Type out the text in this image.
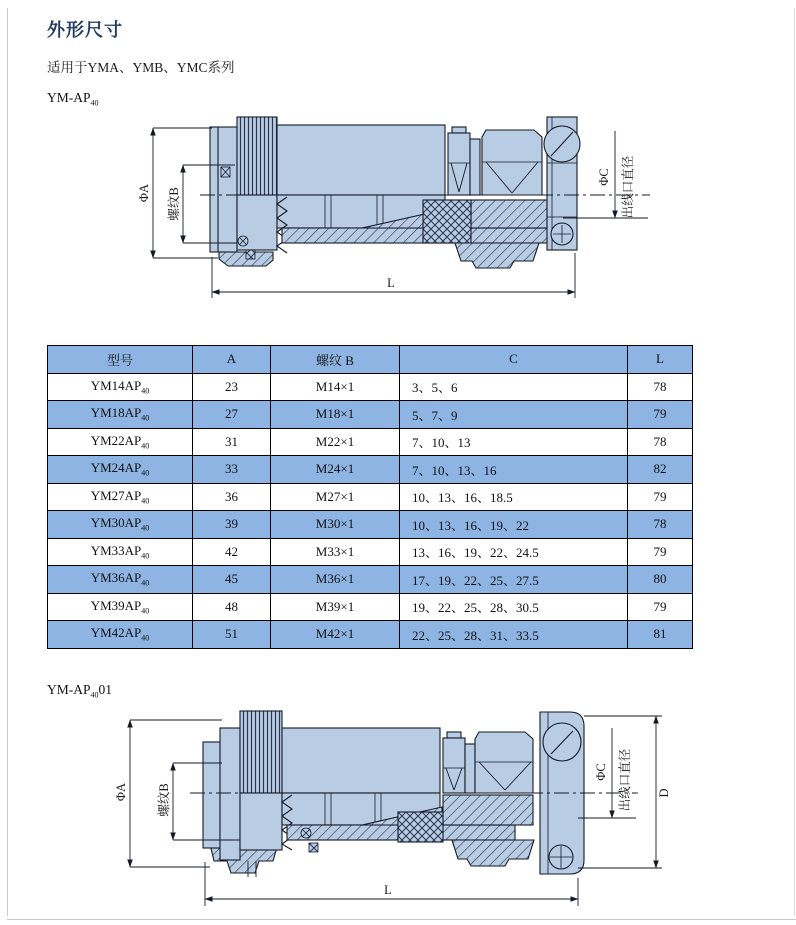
外形尺寸
适用于YMA、YMB、YMC系列
$YM-AP_{40}$
ΦA 螺纹B
ΦC 出线口直径
L
型号	A	螺纹 B	C	L
$YM14AP_{40}$	23	M14×1	3、5、6	78
$YM18AP_{40}$	27	M18×1	5、7、9	79
$YM22AP_{40}$	31	M22×1	7、10、13	78
$YM24AP_{40}$	33	M24×1	7、10、13、16	82
$YM27AP_{40}$	36	M27×1	10、13、16、18.5	79
$YM30AP_{40}$	39	M30×1	10、13、16、19、22	78
$YM33AP_{40}$	42	M33×1	13、16、19、22、24.5	79
$YM36AP_{40}$	45	M36×1	17、19、22、25、27.5	80
$YM39AP_{40}$	48	M39×1	19、22、25、28、30.5	79
$YM42AP_{40}$	51	M42×1	22、25、28、31、33.5	81
$YM-AP_{40}01$
ΦA 螺纹B
ΦC 出线口直径 D
L
